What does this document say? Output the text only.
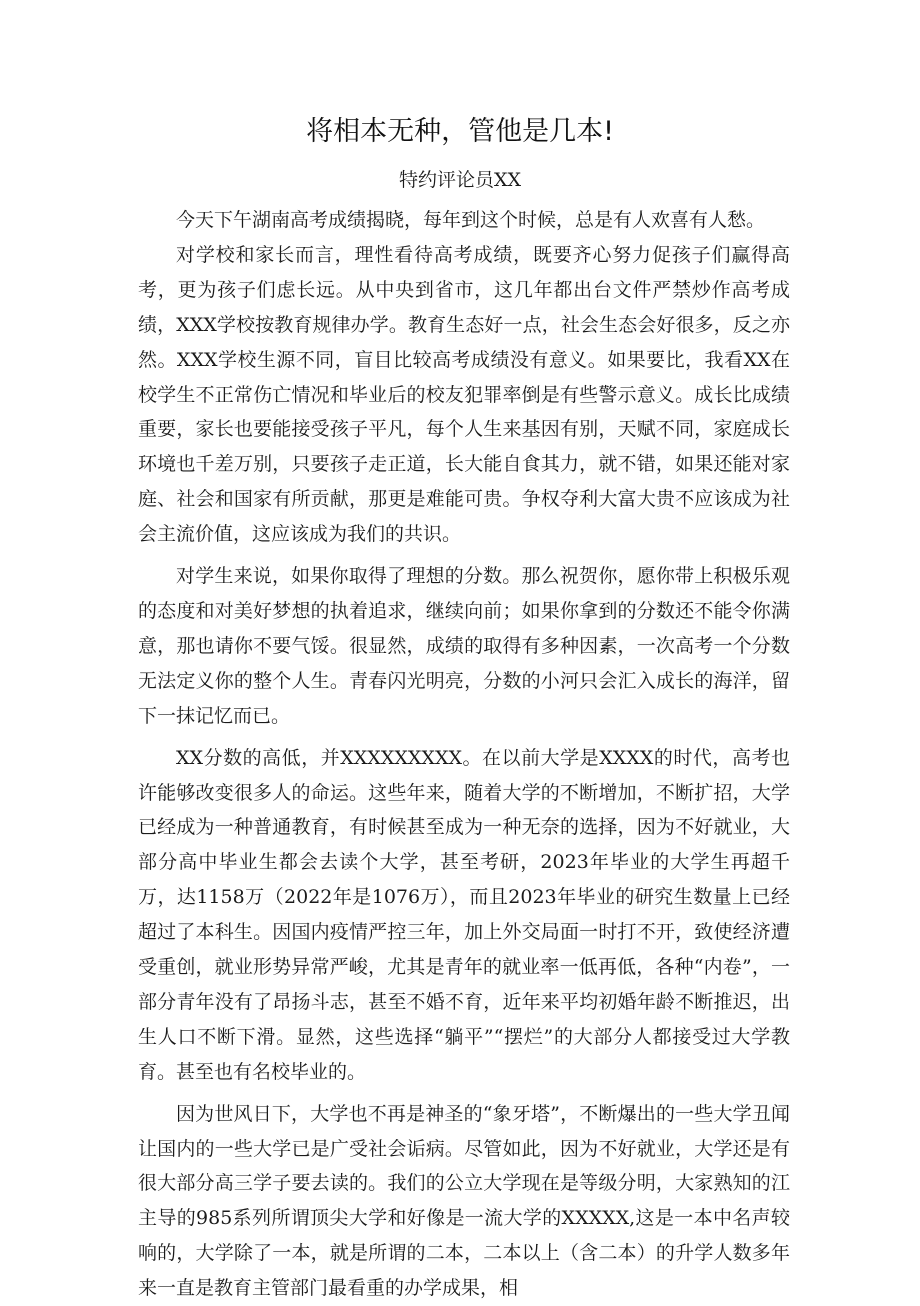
将相本无种，管他是几本!
特约评论员XX

今天下午湖南高考成绩揭晓，每年到这个时候，总是有人欢喜有人愁。

对学校和家长而言，理性看待高考成绩，既要齐心努力促孩子们赢得高考，更为孩子们虑长远。从中央到省市，这几年都出台文件严禁炒作高考成绩，XXX学校按教育规律办学。教育生态好一点，社会生态会好很多，反之亦然。XXX学校生源不同，盲目比较高考成绩没有意义。如果要比，我看XX在校学生不正常伤亡情况和毕业后的校友犯罪率倒是有些警示意义。成长比成绩重要，家长也要能接受孩子平凡，每个人生来基因有别，天赋不同，家庭成长环境也千差万别，只要孩子走正道，长大能自食其力，就不错，如果还能对家庭、社会和国家有所贡献，那更是难能可贵。争权夺利大富大贵不应该成为社会主流价值，这应该成为我们的共识。

对学生来说，如果你取得了理想的分数。那么祝贺你，愿你带上积极乐观的态度和对美好梦想的执着追求，继续向前；如果你拿到的分数还不能令你满意，那也请你不要气馁。很显然，成绩的取得有多种因素，一次高考一个分数无法定义你的整个人生。青春闪光明亮，分数的小河只会汇入成长的海洋，留下一抹记忆而已。

XX分数的高低，并XXXXXXXXX。在以前大学是XXXX的时代，高考也许能够改变很多人的命运。这些年来，随着大学的不断增加，不断扩招，大学已经成为一种普通教育，有时候甚至成为一种无奈的选择，因为不好就业，大部分高中毕业生都会去读个大学，甚至考研，2023年毕业的大学生再超千万，达1158万（2022年是1076万），而且2023年毕业的研究生数量上已经超过了本科生。因国内疫情严控三年，加上外交局面一时打不开，致使经济遭受重创，就业形势异常严峻，尤其是青年的就业率一低再低，各种“内卷”，一部分青年没有了昂扬斗志，甚至不婚不育，近年来平均初婚年龄不断推迟，出生人口不断下滑。显然，这些选择“躺平”“摆烂”的大部分人都接受过大学教育。甚至也有名校毕业的。

因为世风日下，大学也不再是神圣的“象牙塔”，不断爆出的一些大学丑闻让国内的一些大学已是广受社会诟病。尽管如此，因为不好就业，大学还是有很大部分高三学子要去读的。我们的公立大学现在是等级分明，大家熟知的江主导的985系列所谓顶尖大学和好像是一流大学的XXXXX,这是一本中名声较响的，大学除了一本，就是所谓的二本，二本以上（含二本）的升学人数多年来一直是教育主管部门最看重的办学成果，相
